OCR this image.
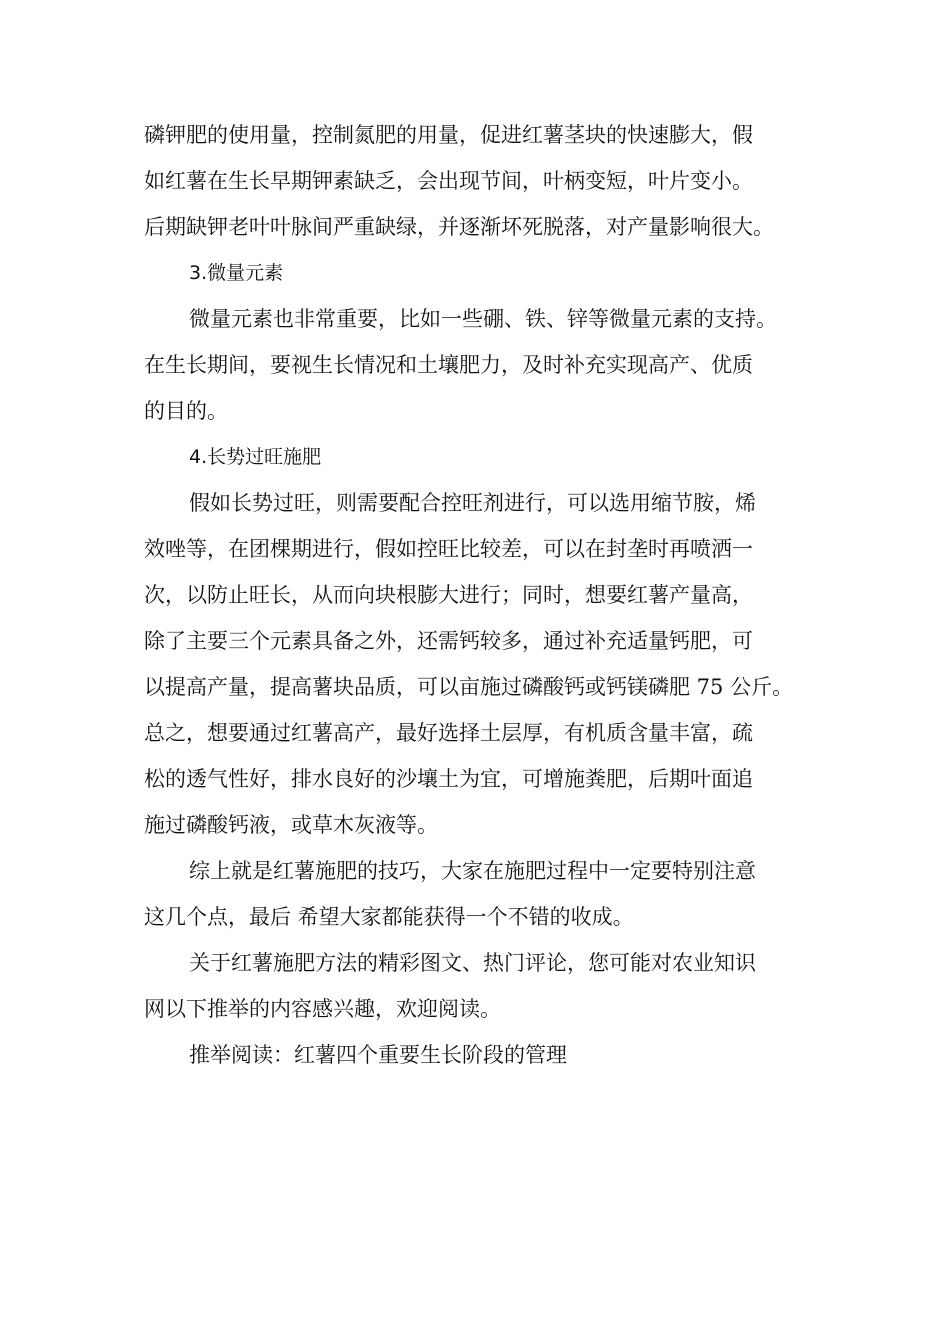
磷钾肥的使用量，控制氮肥的用量，促进红薯茎块的快速膨大，假

如红薯在生长早期钾素缺乏，会出现节间，叶柄变短，叶片变小。

后期缺钾老叶叶脉间严重缺绿，并逐渐坏死脱落，对产量影响很大。

3.微量元素

微量元素也非常重要，比如一些硼、铁、锌等微量元素的支持。

在生长期间，要视生长情况和土壤肥力，及时补充实现高产、优质

的目的。

4.长势过旺施肥

假如长势过旺，则需要配合控旺剂进行，可以选用缩节胺，烯

效唑等，在团棵期进行，假如控旺比较差，可以在封垄时再喷洒一

次，以防止旺长，从而向块根膨大进行；同时，想要红薯产量高，

除了主要三个元素具备之外，还需钙较多，通过补充适量钙肥，可

以提高产量，提高薯块品质，可以亩施过磷酸钙或钙镁磷肥 75 公斤。

总之，想要通过红薯高产，最好选择土层厚，有机质含量丰富，疏

松的透气性好，排水良好的沙壤土为宜，可增施粪肥，后期叶面追

施过磷酸钙液，或草木灰液等。

综上就是红薯施肥的技巧，大家在施肥过程中一定要特别注意

这几个点，最后 希望大家都能获得一个不错的收成。

关于红薯施肥方法的精彩图文、热门评论，您可能对农业知识

网以下推举的内容感兴趣，欢迎阅读。

推举阅读：红薯四个重要生长阶段的管理
